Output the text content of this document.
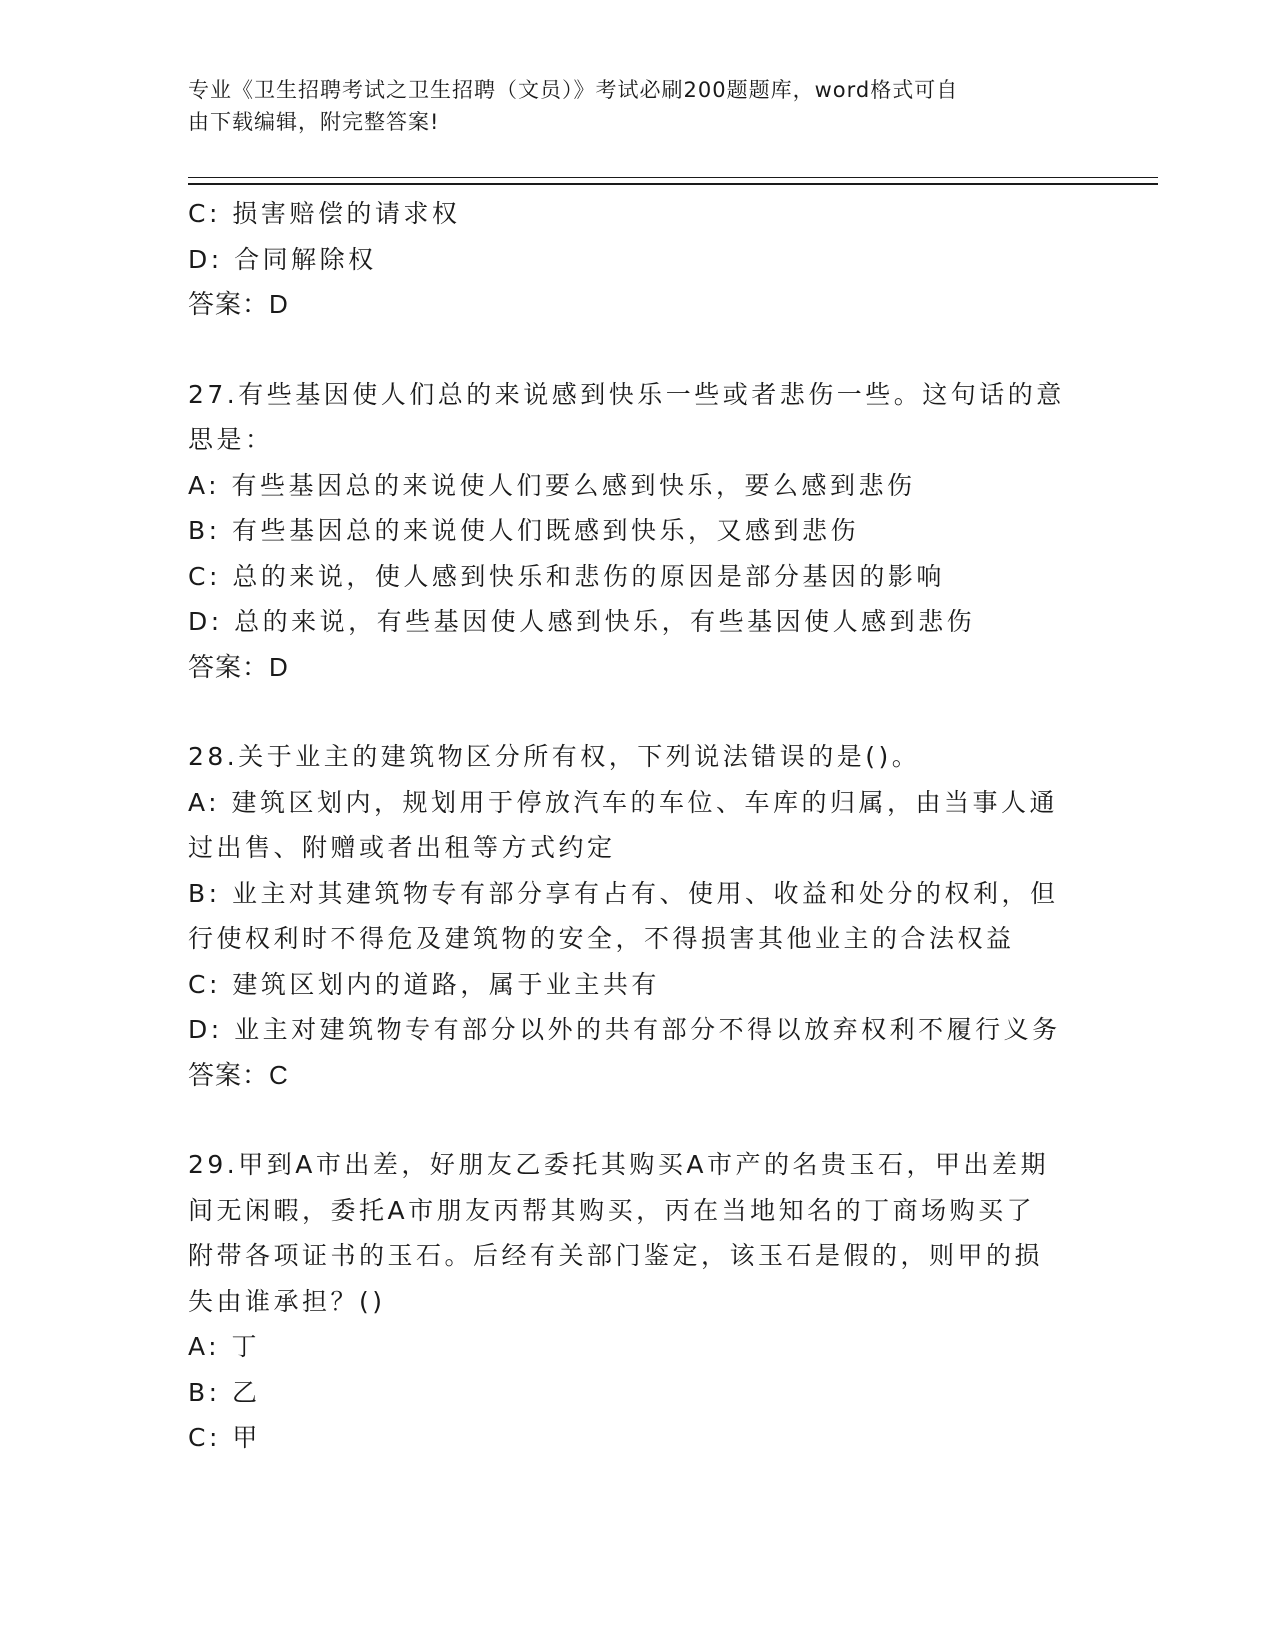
专业《卫生招聘考试之卫生招聘（文员）》考试必刷200题题库，word格式可自
由下载编辑，附完整答案!
C: 损害赔偿的请求权
D: 合同解除权
答案：D
27.有些基因使人们总的来说感到快乐一些或者悲伤一些。这句话的意
思是：
A: 有些基因总的来说使人们要么感到快乐，要么感到悲伤
B: 有些基因总的来说使人们既感到快乐，又感到悲伤
C: 总的来说，使人感到快乐和悲伤的原因是部分基因的影响
D: 总的来说，有些基因使人感到快乐，有些基因使人感到悲伤
答案：D
28.关于业主的建筑物区分所有权，下列说法错误的是()。
A: 建筑区划内，规划用于停放汽车的车位、车库的归属，由当事人通
过出售、附赠或者出租等方式约定
B: 业主对其建筑物专有部分享有占有、使用、收益和处分的权利，但
行使权利时不得危及建筑物的安全，不得损害其他业主的合法权益
C: 建筑区划内的道路，属于业主共有
D: 业主对建筑物专有部分以外的共有部分不得以放弃权利不履行义务
答案：C
29.甲到A市出差，好朋友乙委托其购买A市产的名贵玉石，甲出差期
间无闲暇，委托A市朋友丙帮其购买，丙在当地知名的丁商场购买了
附带各项证书的玉石。后经有关部门鉴定，该玉石是假的，则甲的损
失由谁承担？()
A: 丁
B: 乙
C: 甲
